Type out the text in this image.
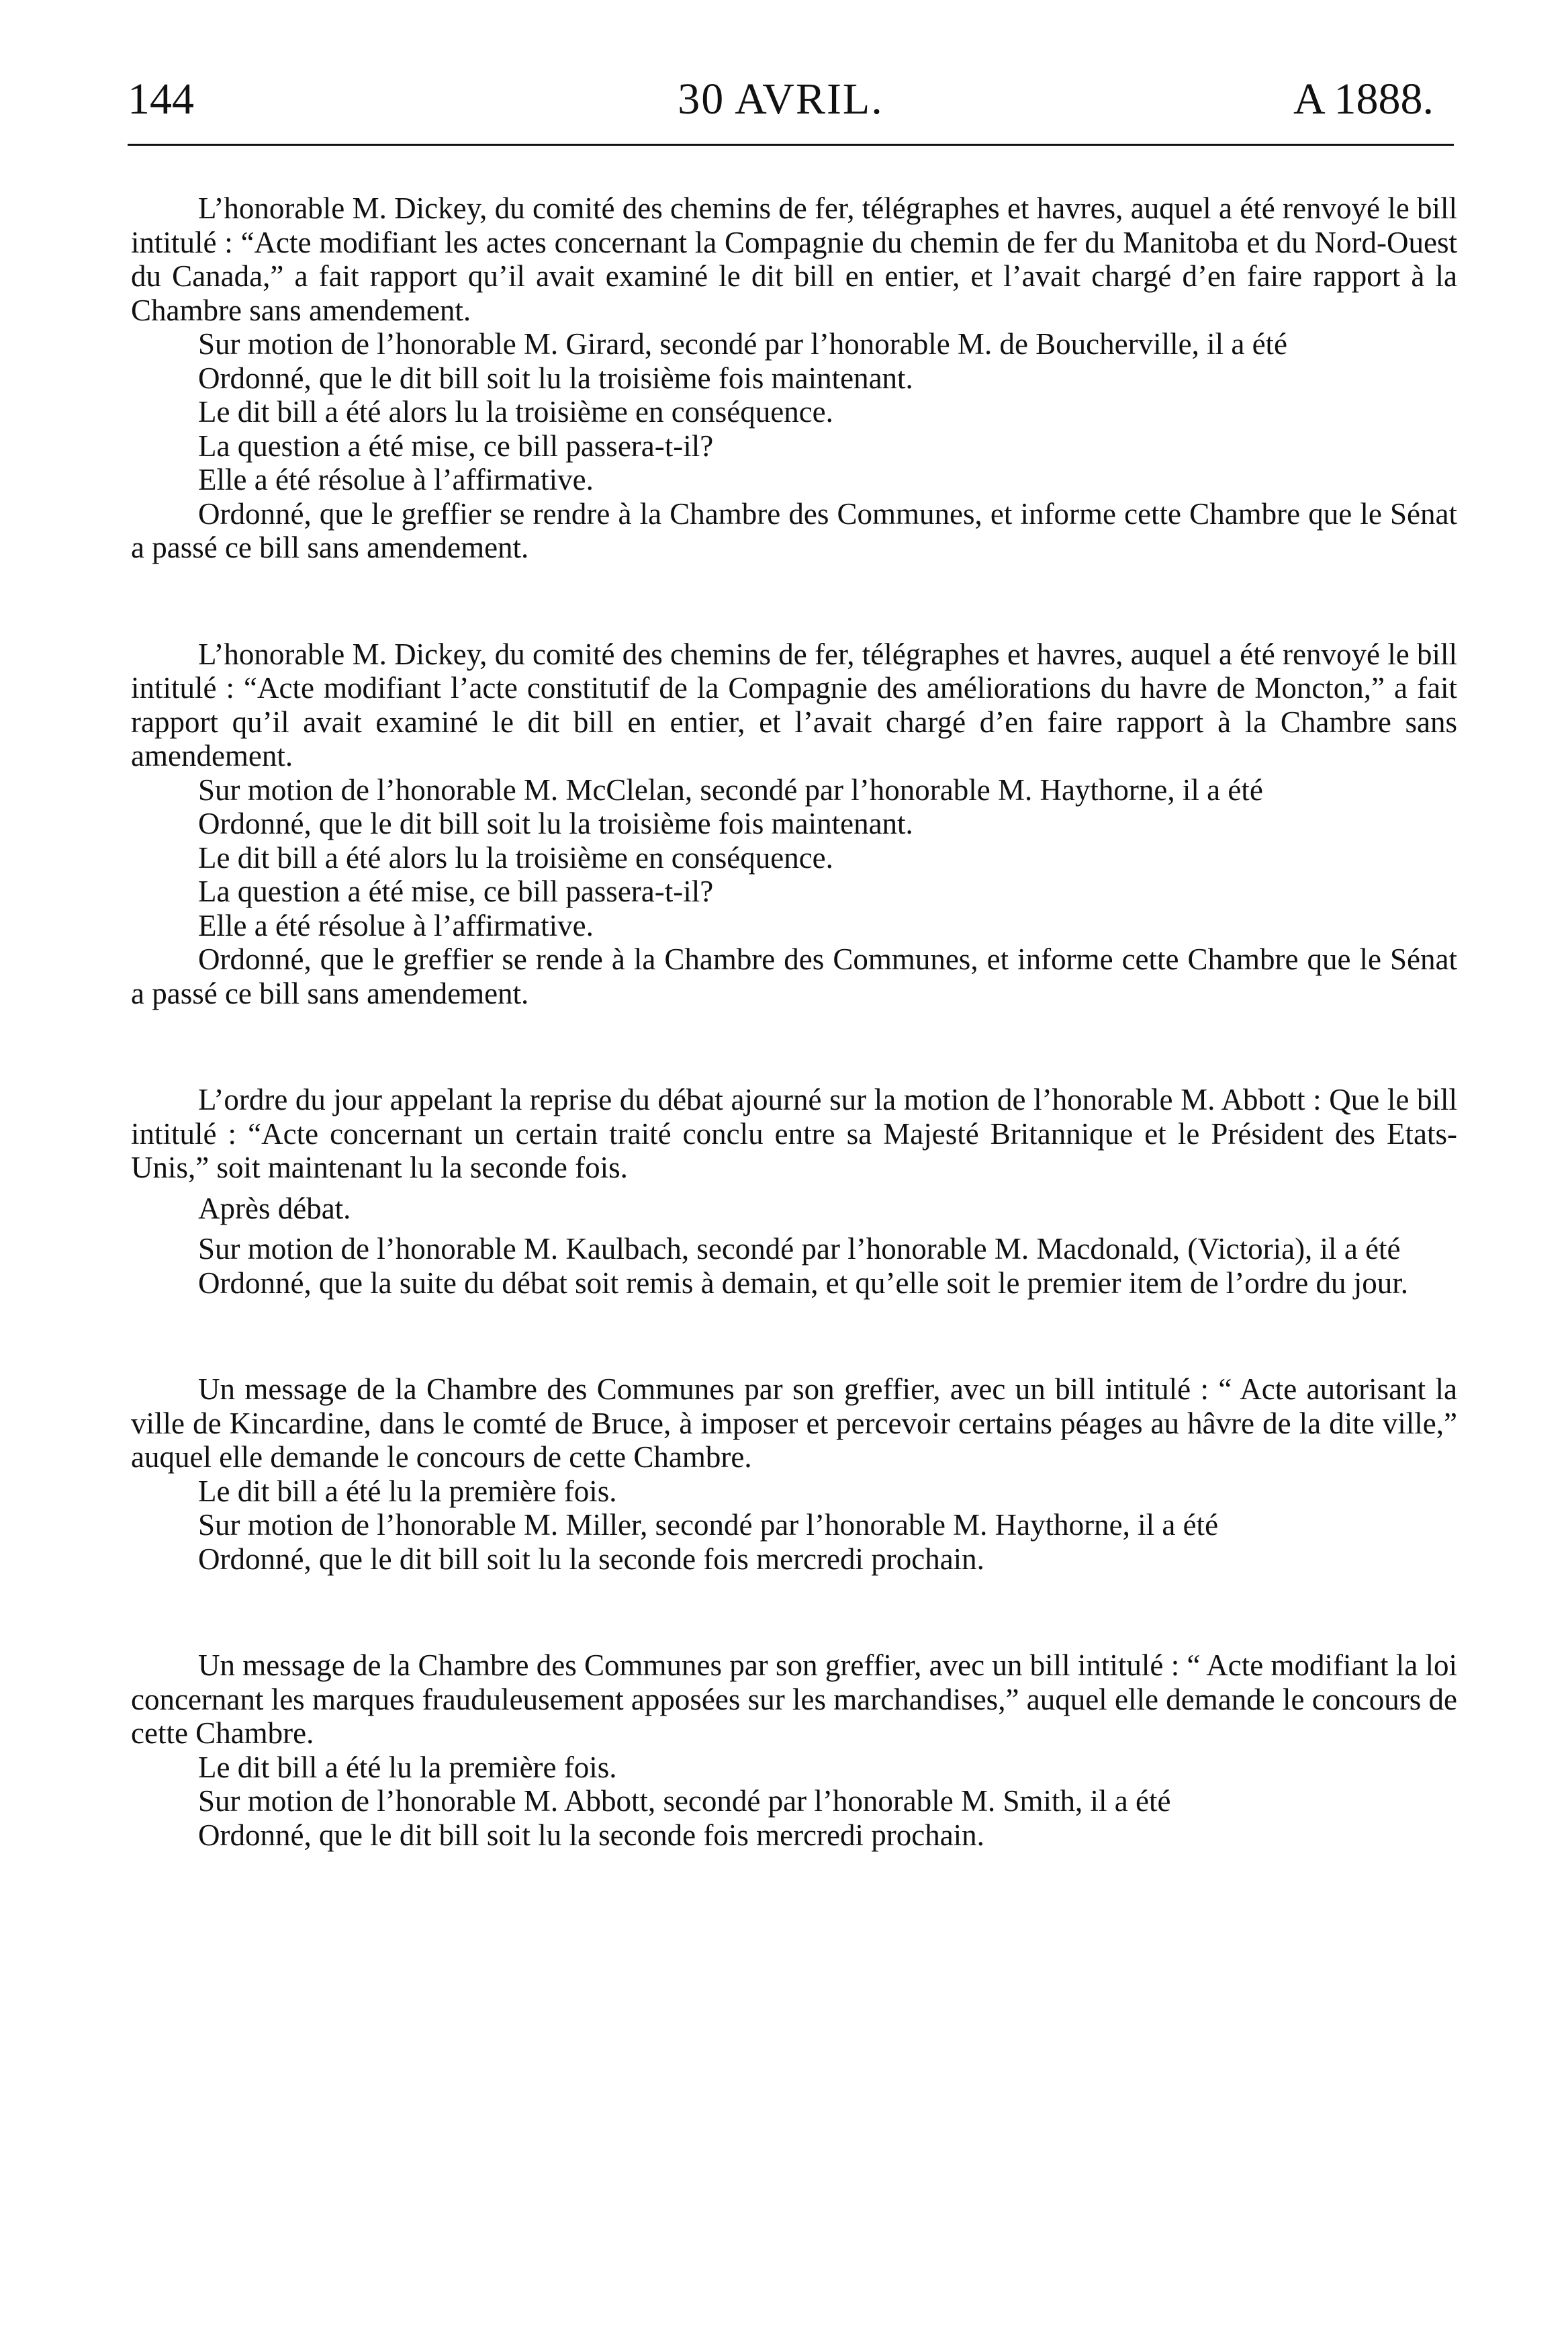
144	30 AVRIL.	A 1888.

L’honorable M. Dickey, du comité des chemins de fer, télégraphes et havres, auquel a été renvoyé le bill intitulé : “Acte modifiant les actes concernant la Compagnie du chemin de fer du Manitoba et du Nord-Ouest du Canada,” a fait rapport qu’il avait examiné le dit bill en entier, et l’avait chargé d’en faire rapport à la Chambre sans amendement.

Sur motion de l’honorable M. Girard, secondé par l’honorable M. de Boucherville, il a été

Ordonné, que le dit bill soit lu la troisième fois maintenant.

Le dit bill a été alors lu la troisième en conséquence.

La question a été mise, ce bill passera-t-il?

Elle a été résolue à l’affirmative.

Ordonné, que le greffier se rendre à la Chambre des Communes, et informe cette Chambre que le Sénat a passé ce bill sans amendement.

L’honorable M. Dickey, du comité des chemins de fer, télégraphes et havres, auquel a été renvoyé le bill intitulé : “Acte modifiant l’acte constitutif de la Compagnie des améliorations du havre de Moncton,” a fait rapport qu’il avait examiné le dit bill en entier, et l’avait chargé d’en faire rapport à la Chambre sans amendement.

Sur motion de l’honorable M. McClelan, secondé par l’honorable M. Haythorne, il a été

Ordonné, que le dit bill soit lu la troisième fois maintenant.

Le dit bill a été alors lu la troisième en conséquence.

La question a été mise, ce bill passera-t-il?

Elle a été résolue à l’affirmative.

Ordonné, que le greffier se rende à la Chambre des Communes, et informe cette Chambre que le Sénat a passé ce bill sans amendement.

L’ordre du jour appelant la reprise du débat ajourné sur la motion de l’honorable M. Abbott : Que le bill intitulé : “Acte concernant un certain traité conclu entre sa Majesté Britannique et le Président des Etats-Unis,” soit maintenant lu la seconde fois.

Après débat.

Sur motion de l’honorable M. Kaulbach, secondé par l’honorable M. Macdonald, (Victoria), il a été

Ordonné, que la suite du débat soit remis à demain, et qu’elle soit le premier item de l’ordre du jour.

Un message de la Chambre des Communes par son greffier, avec un bill intitulé : “ Acte autorisant la ville de Kincardine, dans le comté de Bruce, à imposer et percevoir certains péages au hâvre de la dite ville,” auquel elle demande le concours de cette Chambre.

Le dit bill a été lu la première fois.

Sur motion de l’honorable M. Miller, secondé par l’honorable M. Haythorne, il a été

Ordonné, que le dit bill soit lu la seconde fois mercredi prochain.

Un message de la Chambre des Communes par son greffier, avec un bill intitulé : “ Acte modifiant la loi concernant les marques frauduleusement apposées sur les marchandises,” auquel elle demande le concours de cette Chambre.

Le dit bill a été lu la première fois.

Sur motion de l’honorable M. Abbott, secondé par l’honorable M. Smith, il a été

Ordonné, que le dit bill soit lu la seconde fois mercredi prochain.
